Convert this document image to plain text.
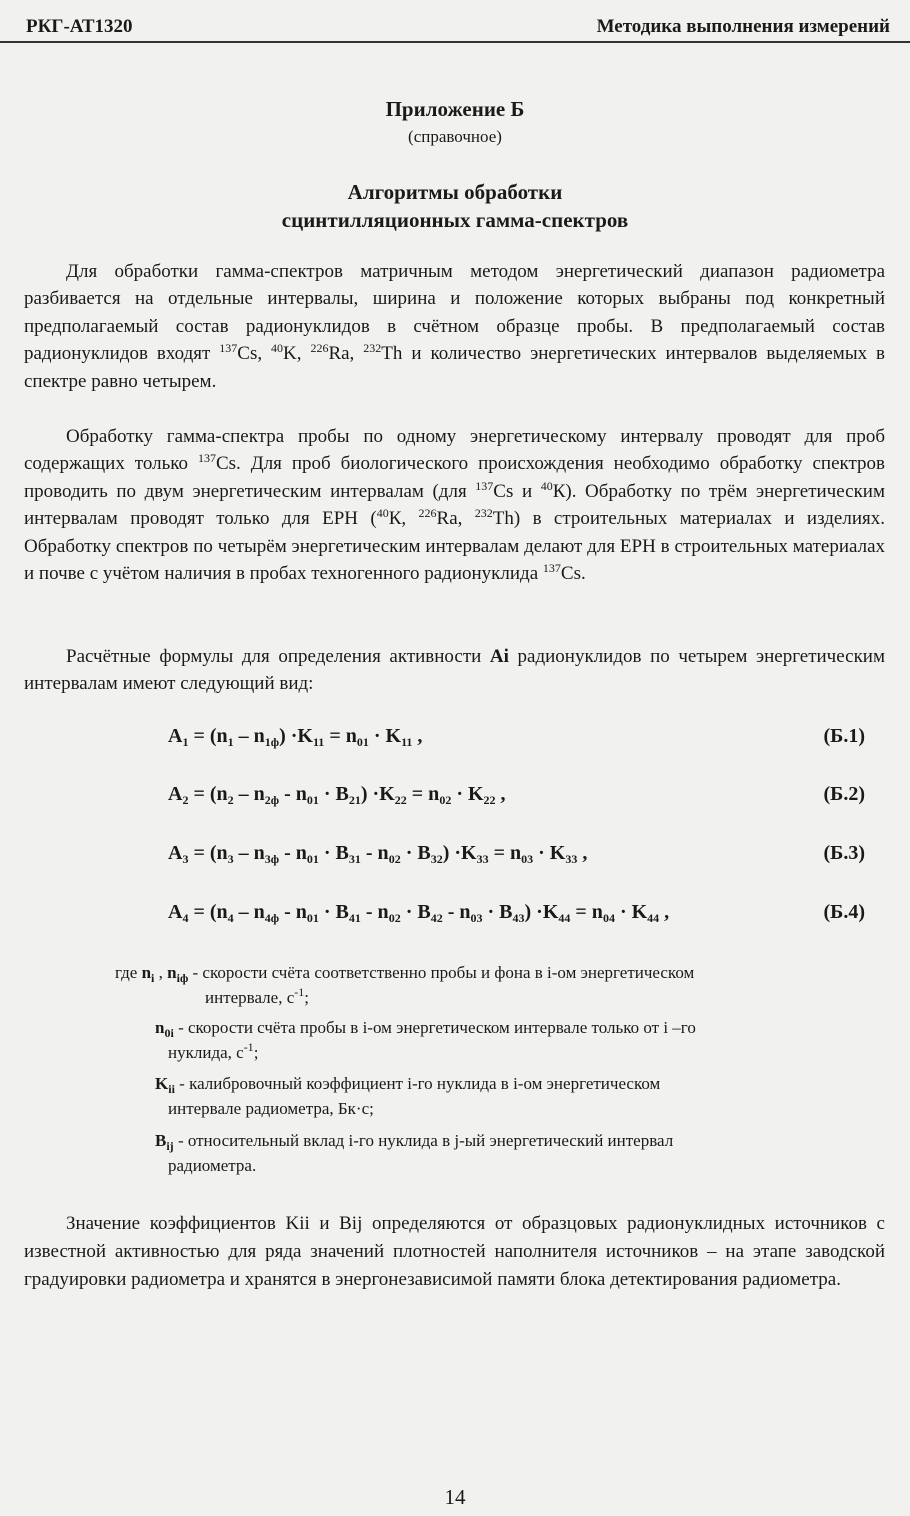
РКГ-АТ1320	Методика выполнения измерений
Приложение Б
(справочное)
Алгоритмы обработки
сцинтилляционных гамма-спектров

Для обработки гамма-спектров матричным методом энергетический диапазон радиометра разбивается на отдельные интервалы, ширина и положение которых выбраны под конкретный предполагаемый состав радионуклидов в счётном образце пробы. В предполагаемый состав радионуклидов входят $^{137}$Cs, $^{40}$K, $^{226}$Ra, $^{232}$Th и количество энергетических интервалов выделяемых в спектре равно четырем.

Обработку гамма-спектра пробы по одному энергетическому интервалу проводят для проб содержащих только $^{137}$Cs. Для проб биологического происхождения необходимо обработку спектров проводить по двум энергетическим интервалам (для $^{137}$Cs и $^{40}$К). Обработку по трём энергетическим интервалам проводят только для ЕРН ($^{40}$К, $^{226}$Ra, $^{232}$Th) в строительных материалах и изделиях. Обработку спектров по четырём энергетическим интервалам делают для ЕРН в строительных материалах и почве с учётом наличия в пробах техногенного радионуклида $^{137}$Cs.

Расчётные формулы для определения активности Ai радионуклидов по четырем энергетическим интервалам имеют следующий вид:

$A_1 = (n_1 - n_{1ф}) \cdot K_{11} = n_{01} \cdot K_{11}$ ,	(Б.1)
$A_2 = (n_2 - n_{2ф} - n_{01} \cdot B_{21}) \cdot K_{22} = n_{02} \cdot K_{22}$ ,	(Б.2)
$A_3 = (n_3 - n_{3ф} - n_{01} \cdot B_{31} - n_{02} \cdot B_{32}) \cdot K_{33} = n_{03} \cdot K_{33}$ ,	(Б.3)
$A_4 = (n_4 - n_{4ф} - n_{01} \cdot B_{41} - n_{02} \cdot B_{42} - n_{03} \cdot B_{43}) \cdot K_{44} = n_{04} \cdot K_{44}$ ,	(Б.4)
где $n_i$ , $n_{iф}$ - скорости счёта соответственно пробы и фона в i-ом энергетическом
интервале, $с^{-1}$;
$n_{0i}$ - скорости счёта пробы в i-ом энергетическом интервале только от i –го
нуклида, $с^{-1}$;
$K_{ii}$ - калибровочный коэффициент i-го нуклида в i-ом энергетическом
интервале радиометра, Бк·с;
$B_{ij}$ - относительный вклад i-го нуклида в j-ый энергетический интервал
радиометра.

Значение коэффициентов Kii и Bij определяются от образцовых радионуклидных источников с известной активностью для ряда значений плотностей наполнителя источников – на этапе заводской градуировки радиометра и хранятся в энергонезависимой памяти блока детектирования радиометра.

14
